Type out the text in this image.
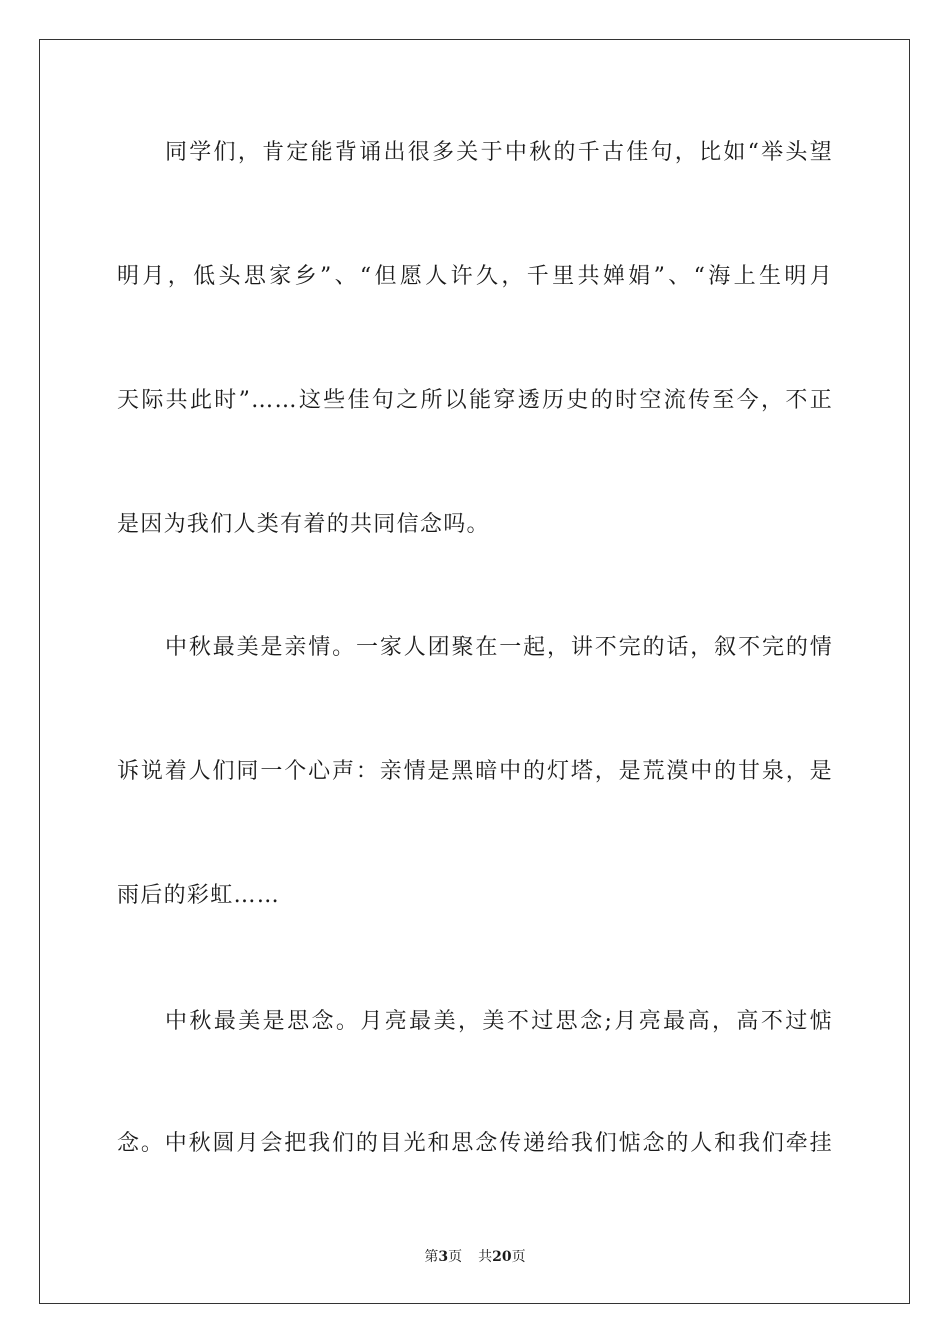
同学们，肯定能背诵出很多关于中秋的千古佳句，比如“举头望
明月，低头思家乡”、“但愿人许久，千里共婵娟”、“海上生明月
天际共此时”……这些佳句之所以能穿透历史的时空流传至今，不正
是因为我们人类有着的共同信念吗。
中秋最美是亲情。一家人团聚在一起，讲不完的话，叙不完的情
诉说着人们同一个心声：亲情是黑暗中的灯塔，是荒漠中的甘泉，是
雨后的彩虹……
中秋最美是思念。月亮最美，美不过思念;月亮最高，高不过惦
念。中秋圆月会把我们的目光和思念传递给我们惦念的人和我们牵挂
第3页 共20页
